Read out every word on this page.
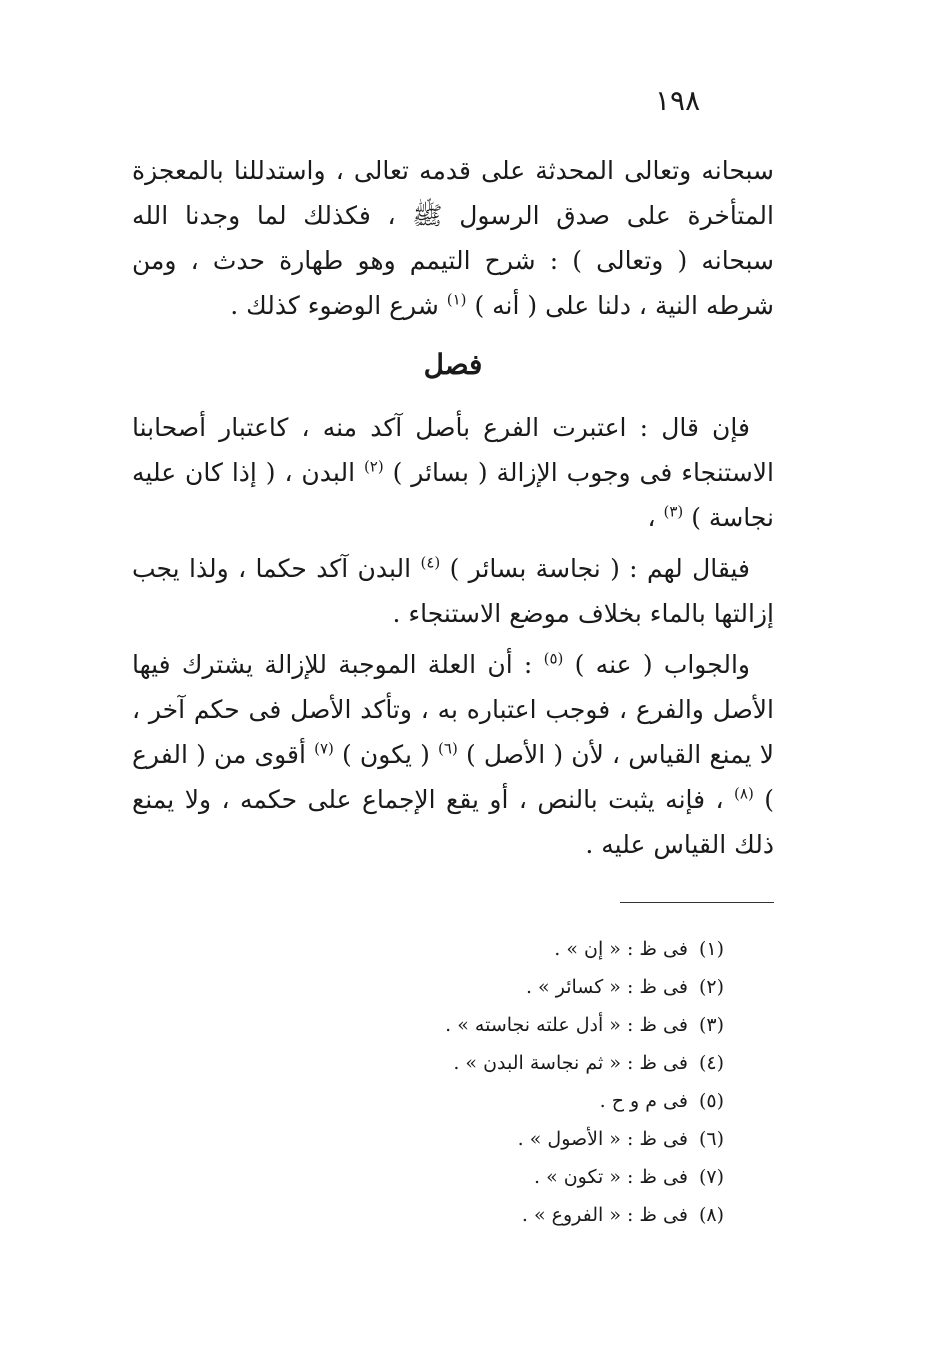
١٩٨

سبحانه وتعالى المحدثة على قدمه تعالى ، واستدللنا بالمعجزة المتأخرة على صدق الرسول ﷺ ، فكذلك لما وجدنا الله سبحانه ( وتعالى ) : شرح التيمم وهو طهارة حدث ، ومن شرطه النية ، دلنا على ( أنه ) $^{(١)}$ شرع الوضوء كذلك .

فصل

فإن قال : اعتبرت الفرع بأصل آكد منه ، كاعتبار أصحابنا الاستنجاء فى وجوب الإزالة ( بسائر ) $^{(٢)}$ البدن ، ( إذا كان عليه نجاسة ) $^{(٣)}$ ،

فيقال لهم : ( نجاسة بسائر ) $^{(٤)}$ البدن آكد حكما ، ولذا يجب إزالتها بالماء بخلاف موضع الاستنجاء .

والجواب ( عنه ) $^{(٥)}$ : أن العلة الموجبة للإزالة يشترك فيها الأصل والفرع ، فوجب اعتباره به ، وتأكد الأصل فى حكم آخر ، لا يمنع القياس ، لأن ( الأصل ) $^{(٦)}$ ( يكون ) $^{(٧)}$ أقوى من ( الفرع ) $^{(٨)}$ ، فإنه يثبت بالنص ، أو يقع الإجماع على حكمه ، ولا يمنع ذلك القياس عليه .

(١) فى ظ : « إن » .
(٢) فى ظ : « كسائر » .
(٣) فى ظ : « أدل علته نجاسته » .
(٤) فى ظ : « ثم نجاسة البدن » .
(٥) فى م و ح .
(٦) فى ظ : « الأصول » .
(٧) فى ظ : « تكون » .
(٨) فى ظ : « الفروع » .
